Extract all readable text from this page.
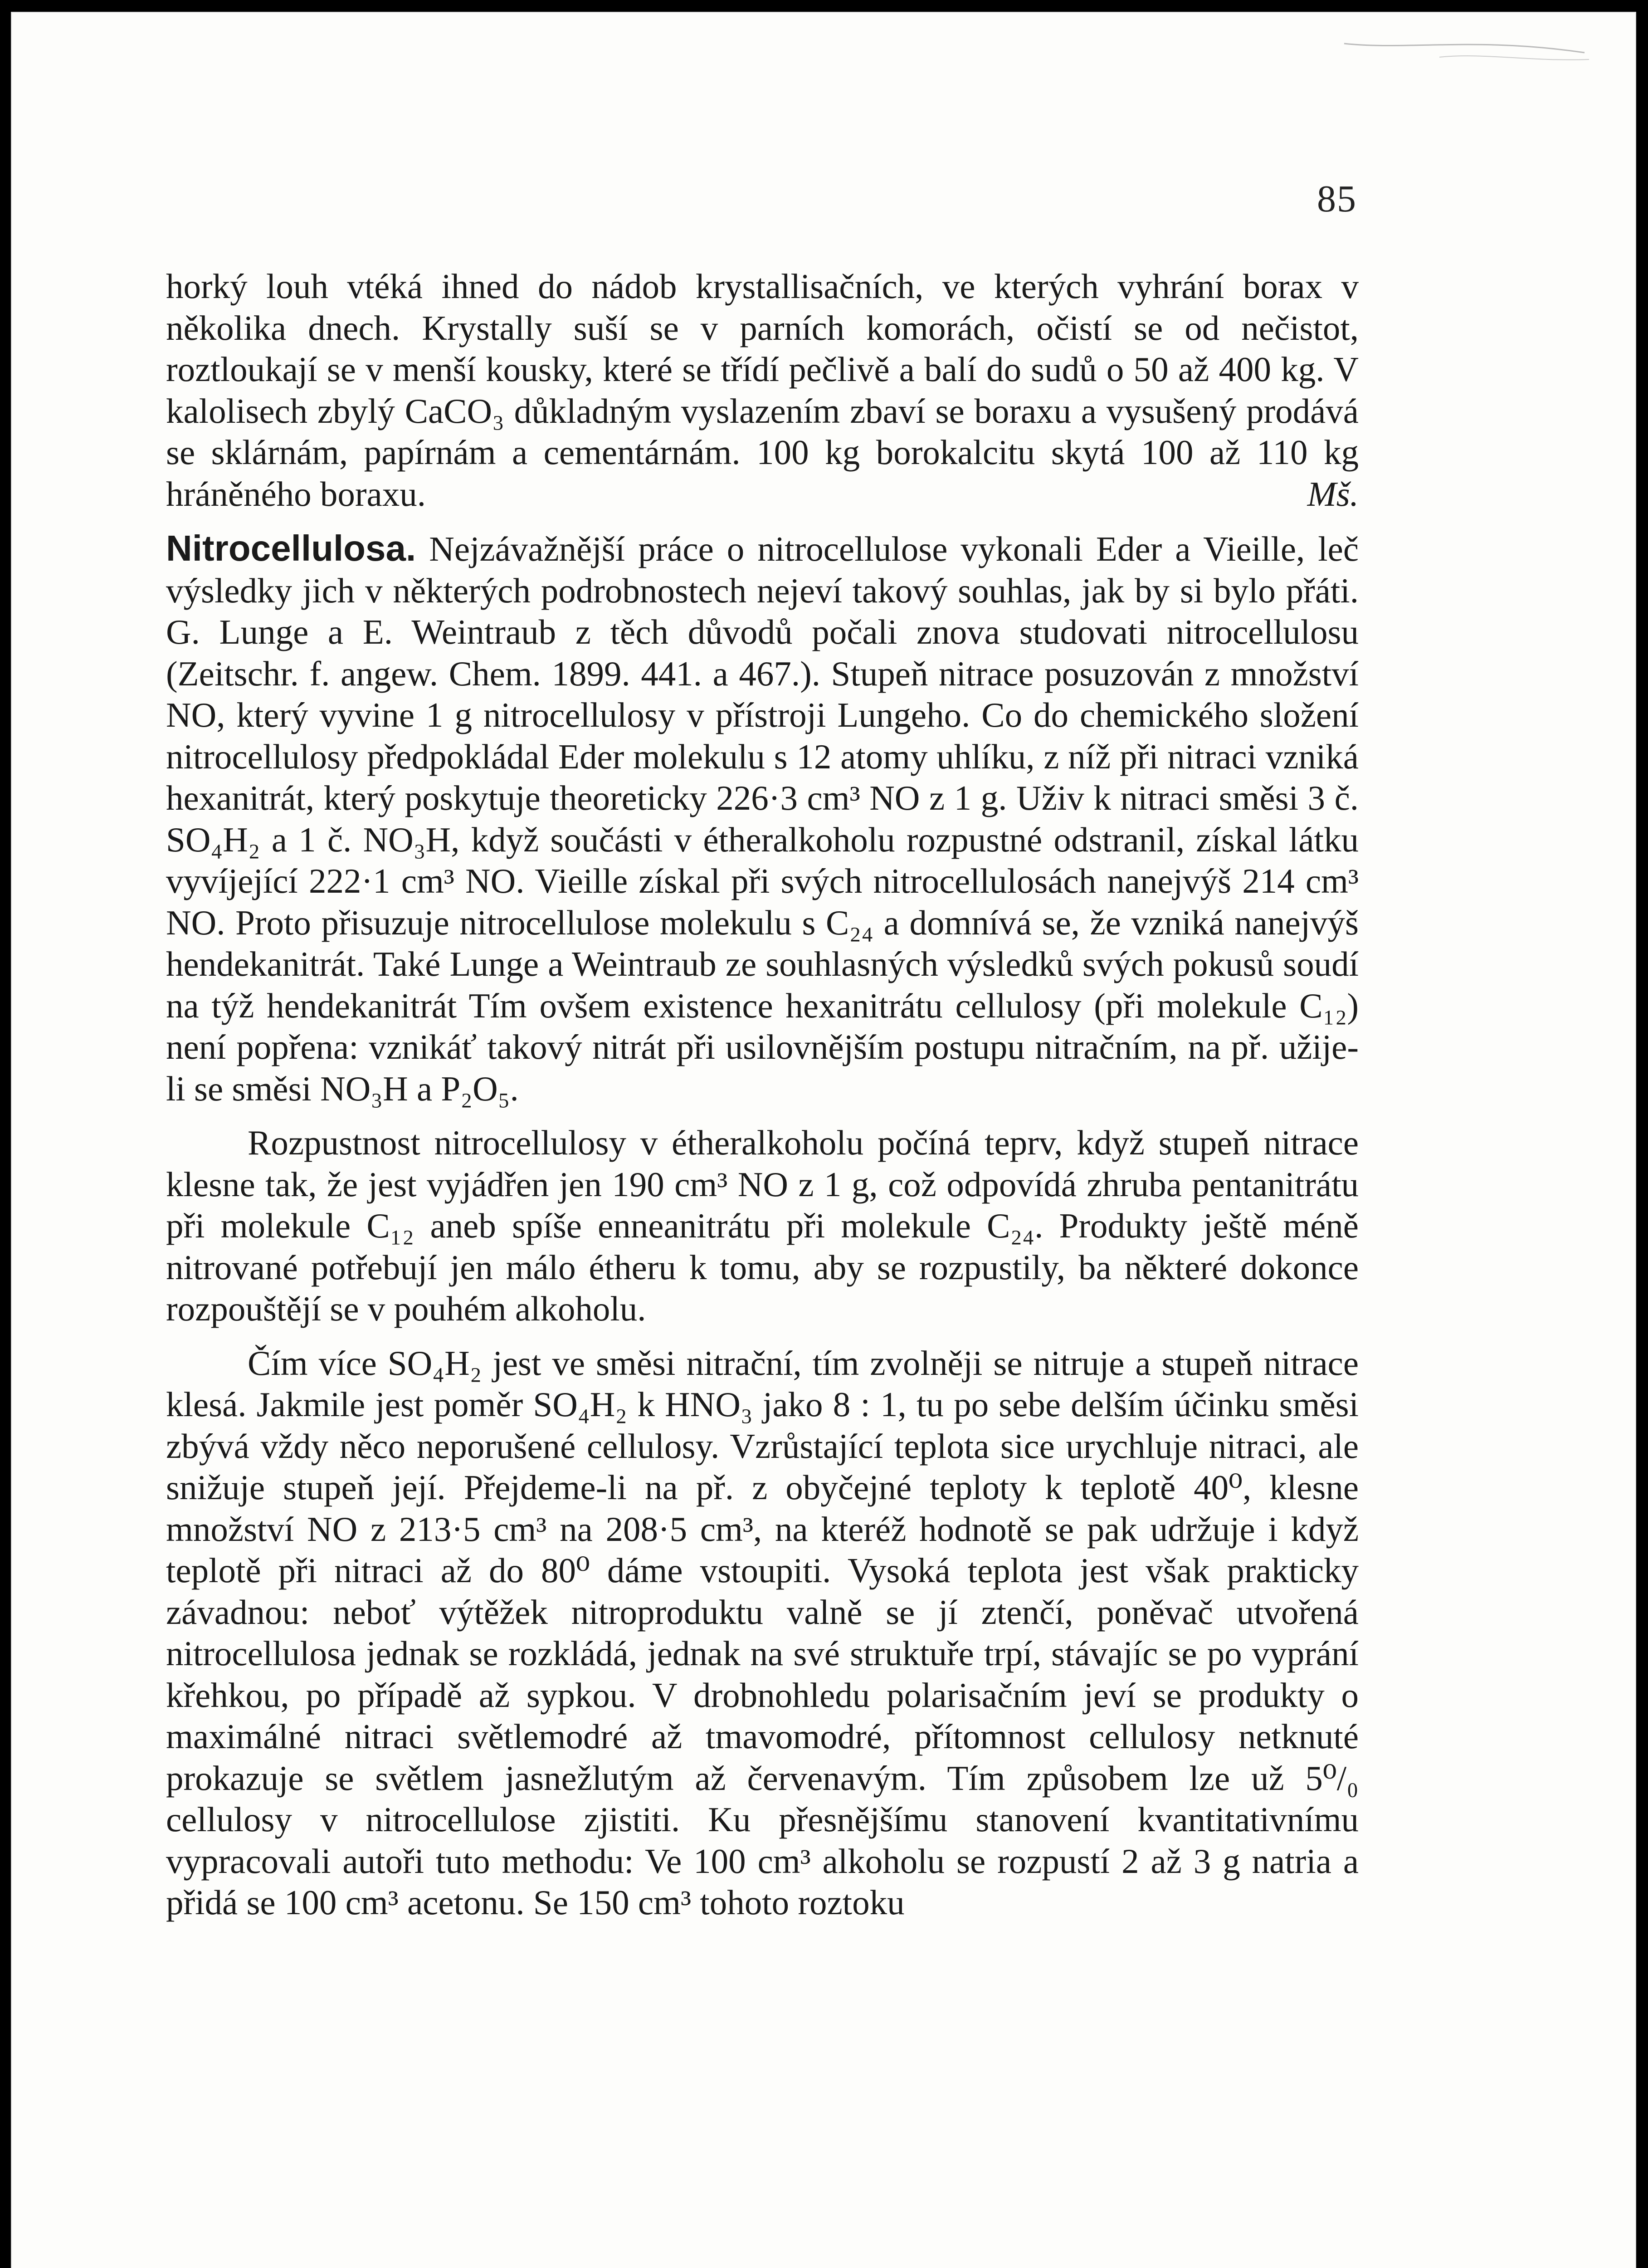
85

horký louh vtéká ihned do nádob krystallisačních, ve kterých vyhrání borax v několika dnech. Krystally suší se v parních komorách, očistí se od nečistot, roztloukají se v menší kousky, které se třídí pečlivě a balí do sudů o 50 až 400 kg. V kalolisech zbylý CaCO₃ důkladným vyslazením zbaví se boraxu a vysušený prodává se sklárnám, papírnám a cementárnám. 100 kg borokalcitu skytá 100 až 110 kg hráněného boraxu.	Mš.

Nitrocellulosa. Nejzávažnější práce o nitrocellulose vykonali Eder a Vieille, leč výsledky jich v některých podrobnostech nejeví takový souhlas, jak by si bylo přáti. G. Lunge a E. Weintraub z těch důvodů počali znova studovati nitrocellulosu (Zeitschr. f. angew. Chem. 1899. 441. a 467.). Stupeň nitrace posuzován z množství NO, který vyvine 1 g nitrocellulosy v přístroji Lungeho. Co do chemického složení nitrocellulosy předpokládal Eder molekulu s 12 atomy uhlíku, z níž při nitraci vzniká hexanitrát, který poskytuje theoreticky 226·3 cm³ NO z 1 g. Uživ k nitraci směsi 3 č. SO₄H₂ a 1 č. NO₃H, když součásti v étheralkoholu rozpustné odstranil, získal látku vyvíjející 222·1 cm³ NO. Vieille získal při svých nitrocellulosách nanejvýš 214 cm³ NO. Proto přisuzuje nitrocellulose molekulu s C₂₄ a domnívá se, že vzniká nanejvýš hendekanitrát. Také Lunge a Weintraub ze souhlasných výsledků svých pokusů soudí na týž hendekanitrát Tím ovšem existence hexanitrátu cellulosy (při molekule C₁₂) není popřena: vznikáť takový nitrát při usilovnějším postupu nitračním, na př. užije-li se směsi NO₃H a P₂O₅.

Rozpustnost nitrocellulosy v étheralkoholu počíná teprv, když stupeň nitrace klesne tak, že jest vyjádřen jen 190 cm³ NO z 1 g, což odpovídá zhruba pentanitrátu při molekule C₁₂ aneb spíše enneanitrátu při molekule C₂₄. Produkty ještě méně nitrované potřebují jen málo étheru k tomu, aby se rozpustily, ba některé dokonce rozpouštějí se v pouhém alkoholu.

Čím více SO₄H₂ jest ve směsi nitrační, tím zvolněji se nitruje a stupeň nitrace klesá. Jakmile jest poměr SO₄H₂ k HNO₃ jako 8 : 1, tu po sebe delším účinku směsi zbývá vždy něco neporušené cellulosy. Vzrůstající teplota sice urychluje nitraci, ale snižuje stupeň její. Přejdeme-li na př. z obyčejné teploty k teplotě 40⁰, klesne množství NO z 213·5 cm³ na 208·5 cm³, na kteréž hodnotě se pak udržuje i když teplotě při nitraci až do 80⁰ dáme vstoupiti. Vysoká teplota jest však prakticky závadnou: neboť výtěžek nitroproduktu valně se jí ztenčí, poněvač utvořená nitrocellulosa jednak se rozkládá, jednak na své struktuře trpí, stávajíc se po vyprání křehkou, po případě až sypkou. V drobnohledu polarisačním jeví se produkty o maximálné nitraci světlemodré až tmavomodré, přítomnost cellulosy netknuté prokazuje se světlem jasnežlutým až červenavým. Tím způsobem lze už 5⁰/₀ cellulosy v nitrocellulose zjistiti. Ku přesnějšímu stanovení kvantitativnímu vypracovali autoři tuto methodu: Ve 100 cm³ alkoholu se rozpustí 2 až 3 g natria a přidá se 100 cm³ acetonu. Se 150 cm³ tohoto roztoku
